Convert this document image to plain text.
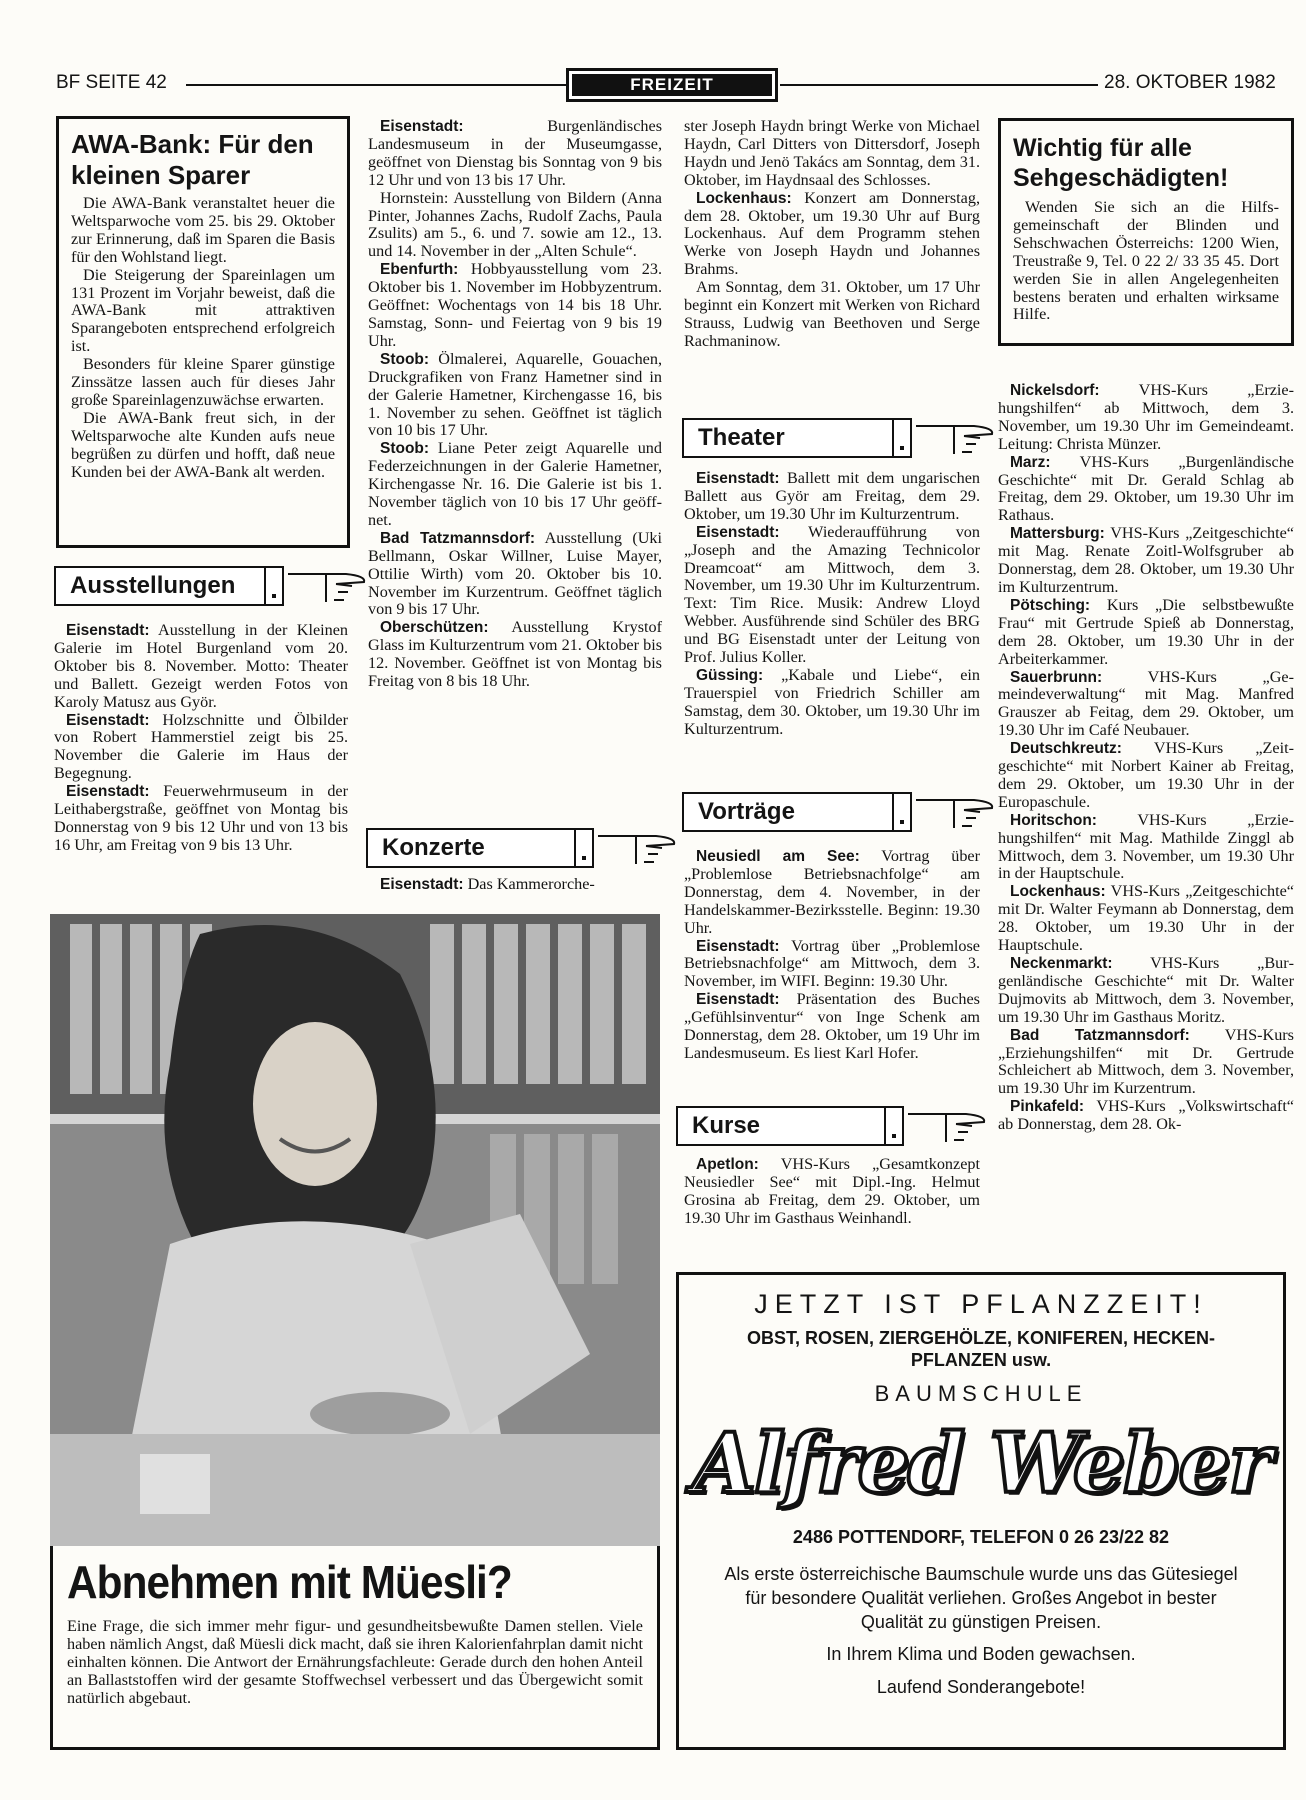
BF SEITE 42	FREIZEIT	28. OKTOBER 1982
AWA-Bank: Für den
kleinen Sparer

Die AWA-Bank veranstaltet heuer die Weltsparwoche vom 25. bis 29. Oktober zur Erinnerung, daß im Sparen die Basis für den Wohlstand liegt.

Die Steigerung der Spareinlagen um 131 Prozent im Vorjahr beweist, daß die AWA-Bank mit attraktiven Sparangeboten entsprechend erfolgreich ist.

Besonders für kleine Sparer günstige Zinssätze lassen auch für dieses Jahr große Spareinlagenzuwächse erwarten.

Die AWA-Bank freut sich, in der Weltsparwoche alte Kunden aufs neue begrüßen zu dürfen und hofft, daß neue Kunden bei der AWA-Bank alt werden.

Ausstellungen

Eisenstadt: Ausstellung in der Kleinen Galerie im Hotel Burgenland vom 20. Oktober bis 8. November. Motto: Theater und Ballett. Gezeigt werden Fotos von Karoly Matusz aus Györ.

Eisenstadt: Holzschnitte und Ölbilder von Robert Hammerstiel zeigt bis 25. November die Galerie im Haus der Begegnung.

Eisenstadt: Feuerwehrmuseum in der Leithabergstraße, geöffnet von Montag bis Donnerstag von 9 bis 12 Uhr und von 13 bis 16 Uhr, am Freitag von 9 bis 13 Uhr.

Eisenstadt: Burgenländisches Landesmuseum in der Museumgasse, geöffnet von Dienstag bis Sonntag von 9 bis 12 Uhr und von 13 bis 17 Uhr.

Hornstein: Ausstellung von Bildern (Anna Pinter, Johannes Zachs, Rudolf Zachs, Paula Zsulits) am 5., 6. und 7. sowie am 12., 13. und 14. November in der „Alten Schule“.

Ebenfurth: Hobbyausstellung vom 23. Oktober bis 1. November im Hobbyzentrum. Geöffnet: Wochentags von 14 bis 18 Uhr. Samstag, Sonn- und Feiertag von 9 bis 19 Uhr.

Stoob: Ölmalerei, Aquarelle, Gouachen, Druckgrafiken von Franz Hametner sind in der Galerie Hametner, Kirchengasse 16, bis 1. November zu sehen. Geöffnet ist täglich von 10 bis 17 Uhr.

Stoob: Liane Peter zeigt Aquarelle und Federzeichnungen in der Galerie Hametner, Kirchengasse Nr. 16. Die Galerie ist bis 1. November täglich von 10 bis 17 Uhr geöffnet.

Bad Tatzmannsdorf: Ausstellung (Uki Bellmann, Oskar Willner, Luise Mayer, Ottilie Wirth) vom 20. Oktober bis 10. November im Kurzentrum. Geöffnet täglich von 9 bis 17 Uhr.

Oberschützen: Ausstellung Krystof Glass im Kulturzentrum vom 21. Oktober bis 12. November. Geöffnet ist von Montag bis Freitag von 8 bis 18 Uhr.

Konzerte

Eisenstadt: Das Kammerorche-

ster Joseph Haydn bringt Werke von Michael Haydn, Carl Ditters von Dittersdorf, Joseph Haydn und Jenö Takács am Sonntag, dem 31. Oktober, im Haydnsaal des Schlosses.

Lockenhaus: Konzert am Donnerstag, dem 28. Oktober, um 19.30 Uhr auf Burg Lockenhaus. Auf dem Programm stehen Werke von Joseph Haydn und Johannes Brahms.

Am Sonntag, dem 31. Oktober, um 17 Uhr beginnt ein Konzert mit Werken von Richard Strauss, Ludwig van Beethoven und Serge Rachmaninow.

Theater

Eisenstadt: Ballett mit dem ungarischen Ballett aus Györ am Freitag, dem 29. Oktober, um 19.30 Uhr im Kulturzentrum.

Eisenstadt: Wiederaufführung von „Joseph and the Amazing Technicolor Dreamcoat“ am Mittwoch, dem 3. November, um 19.30 Uhr im Kulturzentrum. Text: Tim Rice. Musik: Andrew Lloyd Webber. Ausführende sind Schüler des BRG und BG Eisenstadt unter der Leitung von Prof. Julius Koller.

Güssing: „Kabale und Liebe“, ein Trauerspiel von Friedrich Schiller am Samstag, dem 30. Oktober, um 19.30 Uhr im Kulturzentrum.

Vorträge

Neusiedl am See: Vortrag über „Problemlose Betriebsnachfolge“ am Donnerstag, dem 4. November, in der Handelskammer-Bezirksstelle. Beginn: 19.30 Uhr.

Eisenstadt: Vortrag über „Problemlose Betriebsnachfolge“ am Mittwoch, dem 3. November, im WIFI. Beginn: 19.30 Uhr.

Eisenstadt: Präsentation des Buches „Gefühlsinventur“ von Inge Schenk am Donnerstag, dem 28. Oktober, um 19 Uhr im Landesmuseum. Es liest Karl Hofer.

Kurse

Apetlon: VHS-Kurs „Gesamtkonzept Neusiedler See“ mit Dipl.-Ing. Helmut Grosina ab Freitag, dem 29. Oktober, um 19.30 Uhr im Gasthaus Weinhandl.

Wichtig für alle
Sehgeschädigten!

Wenden Sie sich an die Hilfsgemeinschaft der Blinden und Sehschwachen Österreichs: 1200 Wien, Treustraße 9, Tel. 0 22 2/ 33 35 45. Dort werden Sie in allen Angelegenheiten bestens beraten und erhalten wirksame Hilfe.

Nickelsdorf: VHS-Kurs „Erziehungshilfen“ ab Mittwoch, dem 3. November, um 19.30 Uhr im Gemeindeamt. Leitung: Christa Münzer.

Marz: VHS-Kurs „Burgenländische Geschichte“ mit Dr. Gerald Schlag ab Freitag, dem 29. Oktober, um 19.30 Uhr im Rathaus.

Mattersburg: VHS-Kurs „Zeitgeschichte“ mit Mag. Renate Zoitl-Wolfsgruber ab Donnerstag, dem 28. Oktober, um 19.30 Uhr im Kulturzentrum.

Pötsching: Kurs „Die selbstbewußte Frau“ mit Gertrude Spieß ab Donnerstag, dem 28. Oktober, um 19.30 Uhr in der Arbeiterkammer.

Sauerbrunn: VHS-Kurs „Gemeindeverwaltung“ mit Mag. Manfred Grauszer ab Feitag, dem 29. Oktober, um 19.30 Uhr im Café Neubauer.

Deutschkreutz: VHS-Kurs „Zeitgeschichte“ mit Norbert Kainer ab Freitag, dem 29. Oktober, um 19.30 Uhr in der Europaschule.

Horitschon: VHS-Kurs „Erziehungshilfen“ mit Mag. Mathilde Zinggl ab Mittwoch, dem 3. November, um 19.30 Uhr in der Hauptschule.

Lockenhaus: VHS-Kurs „Zeitgeschichte“ mit Dr. Walter Feymann ab Donnerstag, dem 28. Oktober, um 19.30 Uhr in der Hauptschule.

Neckenmarkt: VHS-Kurs „Burgenländische Geschichte“ mit Dr. Walter Dujmovits ab Mittwoch, dem 3. November, um 19.30 Uhr im Gasthaus Moritz.

Bad Tatzmannsdorf: VHS-Kurs „Erziehungshilfen“ mit Dr. Gertrude Schleichert ab Mittwoch, dem 3. November, um 19.30 Uhr im Kurzentrum.

Pinkafeld: VHS-Kurs „Volkswirtschaft“ ab Donnerstag, dem 28. Ok-

Abnehmen mit Müesli?

Eine Frage, die sich immer mehr figur- und gesundheitsbewußte Damen stellen. Viele haben nämlich Angst, daß Müesli dick macht, daß sie ihren Kalorienfahrplan damit nicht einhalten können. Die Antwort der Ernährungsfachleute: Gerade durch den hohen Anteil an Ballaststoffen wird der gesamte Stoffwechsel verbessert und das Übergewicht somit natürlich abgebaut.

JETZT IST PFLANZZEIT!
OBST, ROSEN, ZIERGEHÖLZE, KONIFEREN, HECKEN-
PFLANZEN usw.
BAUMSCHULE
Alfred Weber
2486 POTTENDORF, TELEFON 0 26 23/22 82
Als erste österreichische Baumschule wurde uns das Gütesiegel für besondere Qualität verliehen. Großes Angebot in bester Qualität zu günstigen Preisen.
In Ihrem Klima und Boden gewachsen.
Laufend Sonderangebote!
